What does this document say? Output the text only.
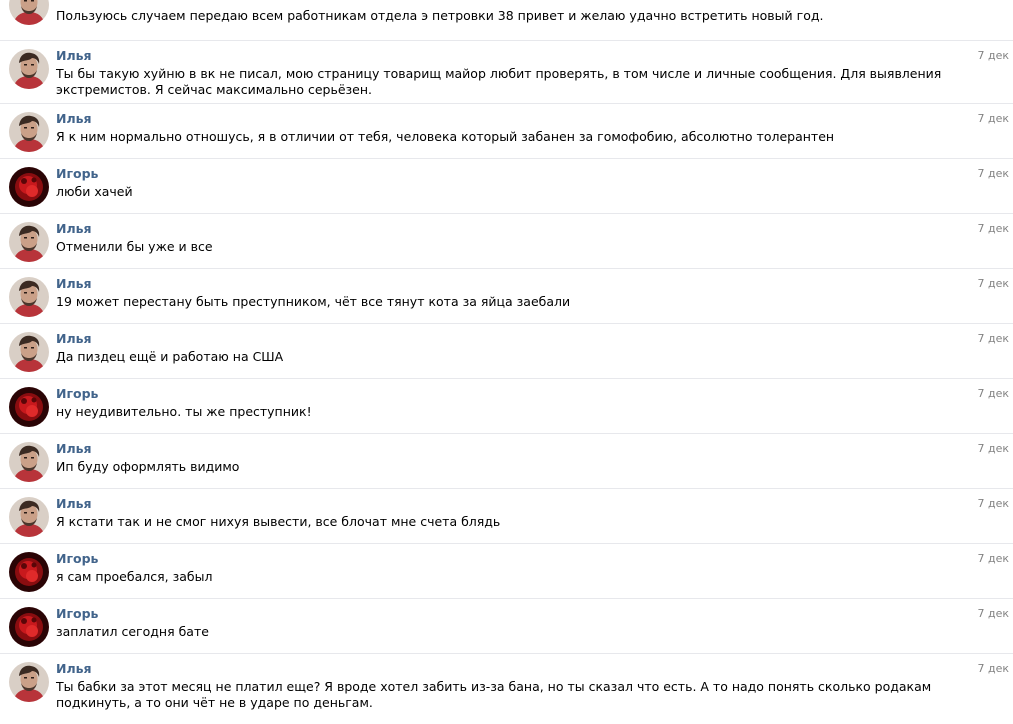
Пользуюсь случаем передаю всем работникам отдела э петровки 38 привет и желаю удачно встретить новый год.
Илья	7 дек
Ты бы такую хуйню в вк не писал, мою страницу товарищ майор любит проверять, в том числе и личные сообщения. Для выявления экстремистов. Я сейчас максимально серьёзен.
Илья	7 дек
Я к ним нормально отношусь, я в отличии от тебя, человека который забанен за гомофобию, абсолютно толерантен
Игорь	7 дек
люби хачей
Илья	7 дек
Отменили бы уже и все
Илья	7 дек
19 может перестану быть преступником, чёт все тянут кота за яйца заебали
Илья	7 дек
Да пиздец ещё и работаю на США
Игорь	7 дек
ну неудивительно. ты же преступник!
Илья	7 дек
Ип буду оформлять видимо
Илья	7 дек
Я кстати так и не смог нихуя вывести, все блочат мне счета блядь
Игорь	7 дек
я сам проебался, забыл
Игорь	7 дек
заплатил сегодня бате
Илья	7 дек
Ты бабки за этот месяц не платил еще? Я вроде хотел забить из-за бана, но ты сказал что есть. А то надо понять сколько родакам подкинуть, а то они чёт не в ударе по деньгам.
